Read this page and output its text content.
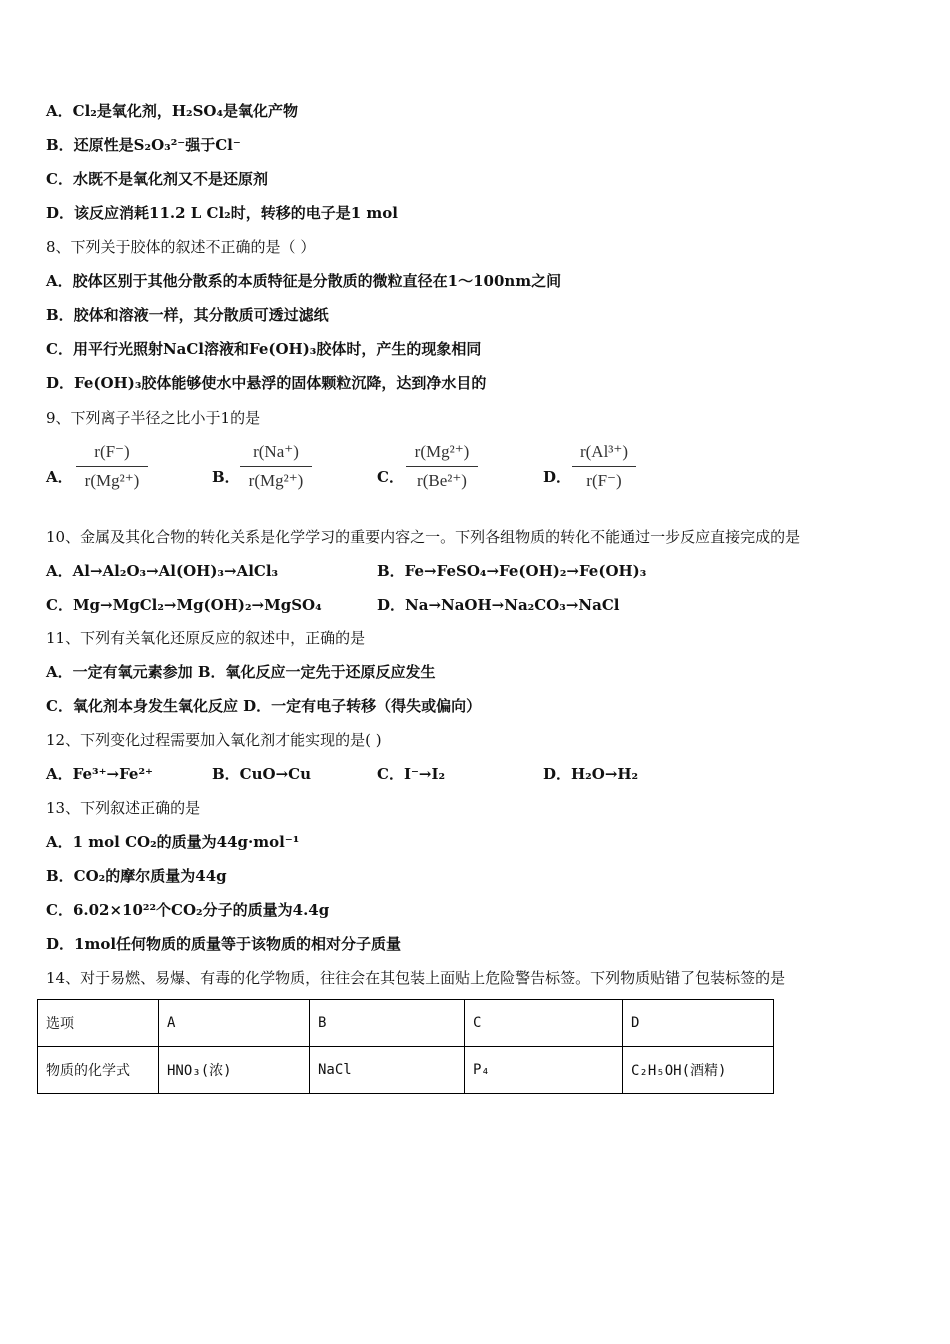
A．Cl₂是氧化剂，H₂SO₄是氧化产物
B．还原性是S₂O₃²⁻强于Cl⁻
C．水既不是氧化剂又不是还原剂
D．该反应消耗11.2 L Cl₂时，转移的电子是1 mol
8、下列关于胶体的叙述不正确的是（ ）
A．胶体区别于其他分散系的本质特征是分散质的微粒直径在1～100nm之间
B．胶体和溶液一样，其分散质可透过滤纸
C．用平行光照射NaCl溶液和Fe(OH)₃胶体时，产生的现象相同
D．Fe(OH)₃胶体能够使水中悬浮的固体颗粒沉降，达到净水目的
9、下列离子半径之比小于1的是
A．
r(F⁻)
r(Mg²⁺)	B．
r(Na⁺)
r(Mg²⁺)	C．
r(Mg²⁺)
r(Be²⁺)	D．
r(Al³⁺)
r(F⁻)
10、金属及其化合物的转化关系是化学学习的重要内容之一。下列各组物质的转化不能通过一步反应直接完成的是
A．Al→Al₂O₃→Al(OH)₃→AlCl₃	B．Fe→FeSO₄→Fe(OH)₂→Fe(OH)₃
C．Mg→MgCl₂→Mg(OH)₂→MgSO₄	D．Na→NaOH→Na₂CO₃→NaCl
11、下列有关氧化还原反应的叙述中，正确的是
A．一定有氧元素参加 B．氧化反应一定先于还原反应发生
C．氧化剂本身发生氧化反应 D．一定有电子转移（得失或偏向）
12、下列变化过程需要加入氧化剂才能实现的是( )
A．Fe³⁺→Fe²⁺	B．CuO→Cu	C．I⁻→I₂	D．H₂O→H₂
13、下列叙述正确的是
A．1 mol CO₂的质量为44g·mol⁻¹
B．CO₂的摩尔质量为44g
C．6.02×10²²个CO₂分子的质量为4.4g
D．1mol任何物质的质量等于该物质的相对分子质量
14、对于易燃、易爆、有毒的化学物质，往往会在其包装上面贴上危险警告标签。下列物质贴错了包装标签的是
选项	A	B	C	D
物质的化学式	HNO₃(浓)	NaCl	P₄	C₂H₅OH(酒精)
